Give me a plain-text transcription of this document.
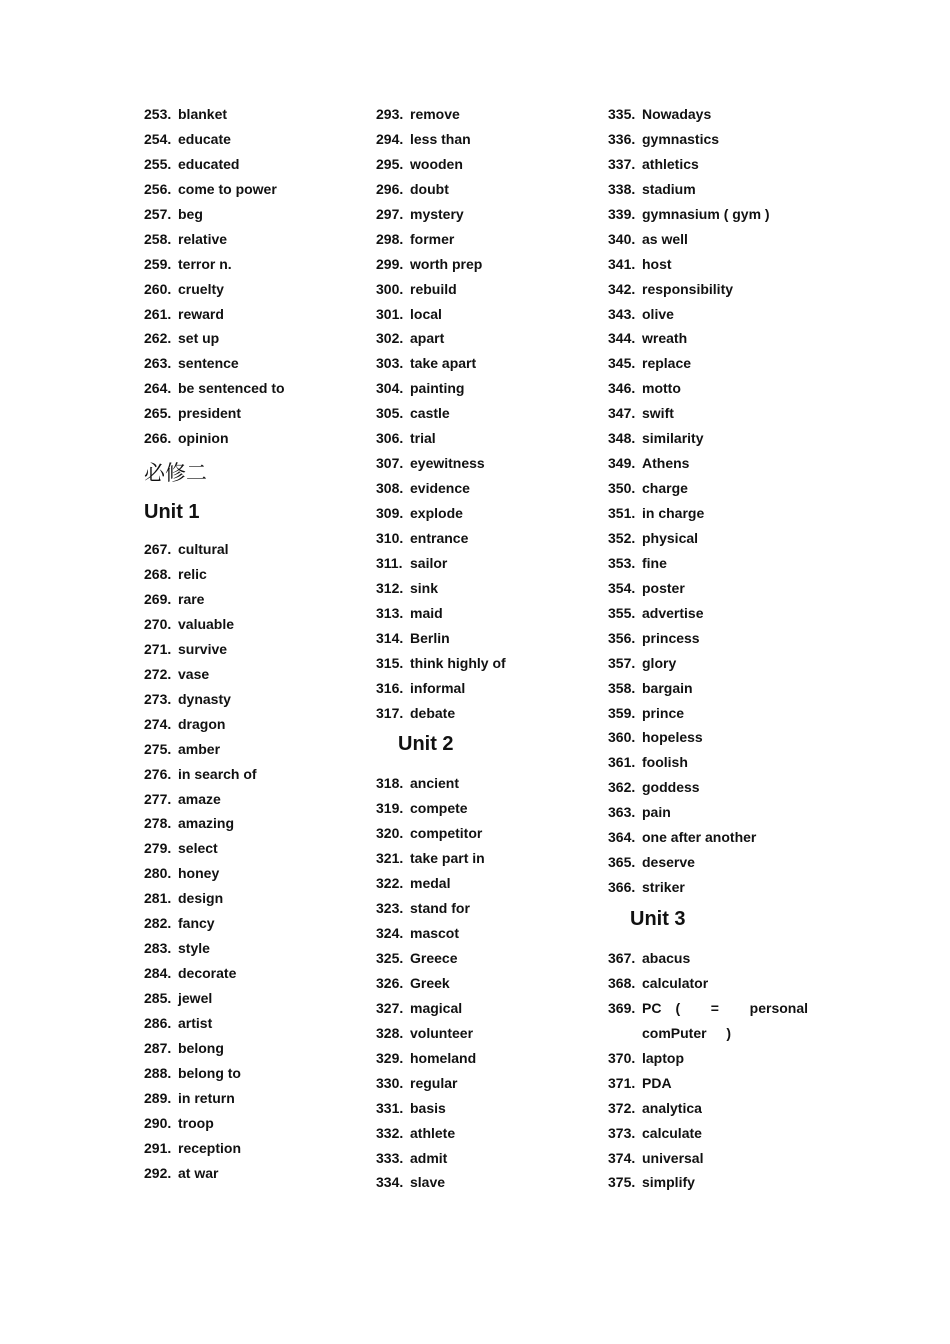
253. blanket
254. educate
255. educated
256. come to power
257. beg
258. relative
259. terror n.
260. cruelty
261. reward
262. set up
263. sentence
264. be sentenced to
265. president
266. opinion
必修二
Unit 1
267. cultural
268. relic
269. rare
270. valuable
271. survive
272. vase
273. dynasty
274. dragon
275. amber
276. in search of
277. amaze
278. amazing
279. select
280. honey
281. design
282. fancy
283. style
284. decorate
285. jewel
286. artist
287. belong
288. belong to
289. in return
290. troop
291. reception
292. at war
293. remove
294. less than
295. wooden
296. doubt
297. mystery
298. former
299. worth prep
300. rebuild
301. local
302. apart
303. take apart
304. painting
305. castle
306. trial
307. eyewitness
308. evidence
309. explode
310. entrance
311. sailor
312. sink
313. maid
314. Berlin
315. think highly of
316. informal
317. debate
Unit 2
318. ancient
319. compete
320. competitor
321. take part in
322. medal
323. stand for
324. mascot
325. Greece
326. Greek
327. magical
328. volunteer
329. homeland
330. regular
331. basis
332. athlete
333. admit
334. slave
335. Nowadays
336. gymnastics
337. athletics
338. stadium
339. gymnasium ( gym )
340. as well
341. host
342. responsibility
343. olive
344. wreath
345. replace
346. motto
347. swift
348. similarity
349. Athens
350. charge
351. in charge
352. physical
353. fine
354. poster
355. advertise
356. princess
357. glory
358. bargain
359. prince
360. hopeless
361. foolish
362. goddess
363. pain
364. one after another
365. deserve
366. striker
Unit 3
367. abacus
368. calculator
369. PC ( = personal
comPuter )
370. laptop
371. PDA
372. analytica
373. calculate
374. universal
375. simplify
